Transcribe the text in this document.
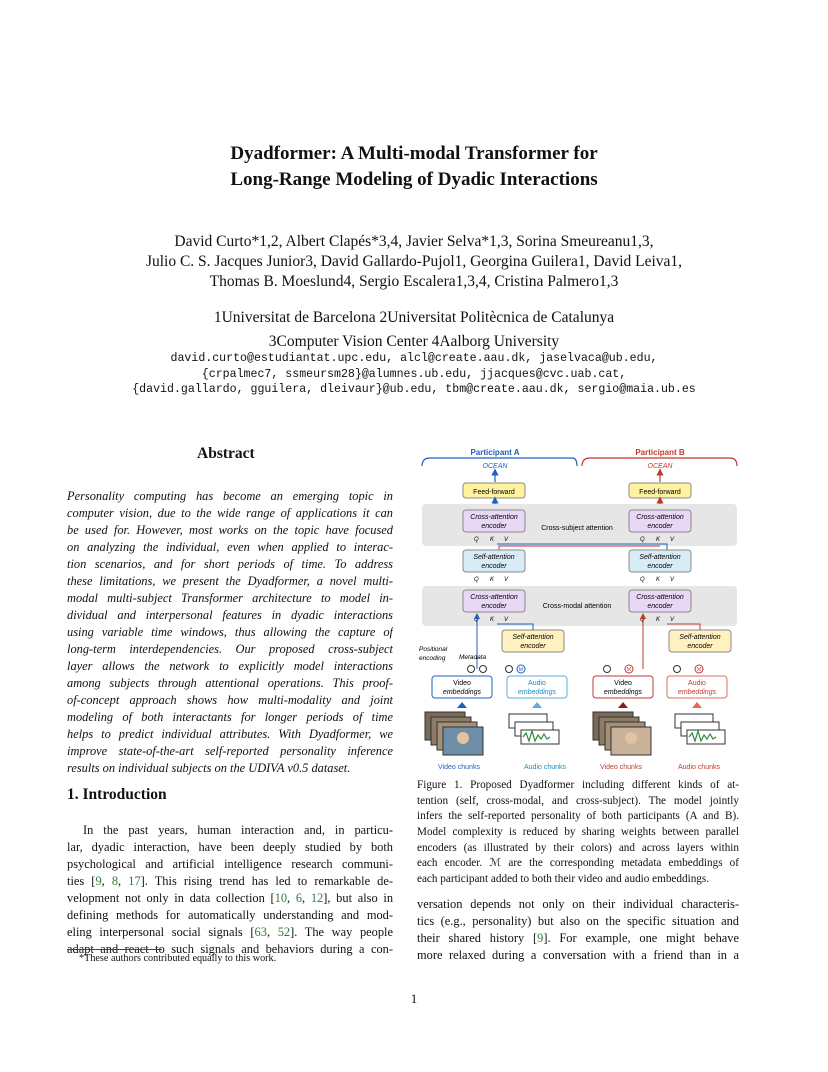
Dyadformer: A Multi-modal Transformer for
Long-Range Modeling of Dyadic Interactions
David Curto*1,2, Albert Clapés*3,4, Javier Selva*1,3, Sorina Smeureanu1,3,
Julio C. S. Jacques Junior3, David Gallardo-Pujol1, Georgina Guilera1, David Leiva1,
Thomas B. Moeslund4, Sergio Escalera1,3,4, Cristina Palmero1,3
1Universitat de Barcelona 2Universitat Politècnica de Catalunya
3Computer Vision Center 4Aalborg University
david.curto@estudiantat.upc.edu, alcl@create.aau.dk, jaselvaca@ub.edu,
{crpalmec7, ssmeursm28}@alumnes.ub.edu, jjacques@cvc.uab.cat,
{david.gallardo, gguilera, dleivaur}@ub.edu, tbm@create.aau.dk, sergio@maia.ub.es
Abstract
Personality computing has become an emerging topic in
computer vision, due to the wide range of applications it can
be used for. However, most works on the topic have focused
on analyzing the individual, even when applied to interac-
tion scenarios, and for short periods of time. To address
these limitations, we present the Dyadformer, a novel multi-
modal multi-subject Transformer architecture to model in-
dividual and interpersonal features in dyadic interactions
using variable time windows, thus allowing the capture of
long-term interdependencies. Our proposed cross-subject
layer allows the network to explicitly model interactions
among subjects through attentional operations. This proof-
of-concept approach shows how multi-modality and joint
modeling of both interactants for longer periods of time
helps to predict individual attributes. With Dyadformer, we
improve state-of-the-art self-reported personality inference
results on individual subjects on the UDIVA v0.5 dataset.
1. Introduction
In the past years, human interaction and, in particu-
lar, dyadic interaction, have been deeply studied by both
psychological and artificial intelligence research communi-
ties [9, 8, 17]. This rising trend has led to remarkable de-
velopment not only in data collection [10, 6, 12], but also in
defining methods for automatically understanding and mod-
eling interpersonal social signals [63, 52]. The way people
adapt and react to such signals and behaviors during a con-
*These authors contributed equally to this work.
Participant A	Participant B
OCEAN	OCEAN
Feed-forward	Feed-forward
Cross-attention
encoder
Cross-attention
encoder
Cross-subject attention
Q K V	Q K V
Self-attention
encoder
Self-attention
encoder
Q K V	Q K V
Cross-attention
encoder
Cross-attention
encoder
Cross-modal attention
Q K V	Q K V
Self-attention
encoder
Self-attention
encoder
Positional
encoding Metadata
M	M	M
Video
embeddings
Audio
embeddings
Video
embeddings
Audio
embeddings
Video chunks	Audio chunks	Video chunks	Audio chunks
Figure 1. Proposed Dyadformer including different kinds of at-
tention (self, cross-modal, and cross-subject). The model jointly
infers the self-reported personality of both participants (A and B).
Model complexity is reduced by sharing weights between parallel
encoders (as illustrated by their colors) and across layers within
each encoder. ℳ are the corresponding metadata embeddings of
each participant added to both their video and audio embeddings.
versation depends not only on their individual characteris-
tics (e.g., personality) but also on the specific situation and
their shared history [9]. For example, one might behave
more relaxed during a conversation with a friend than in a
1
